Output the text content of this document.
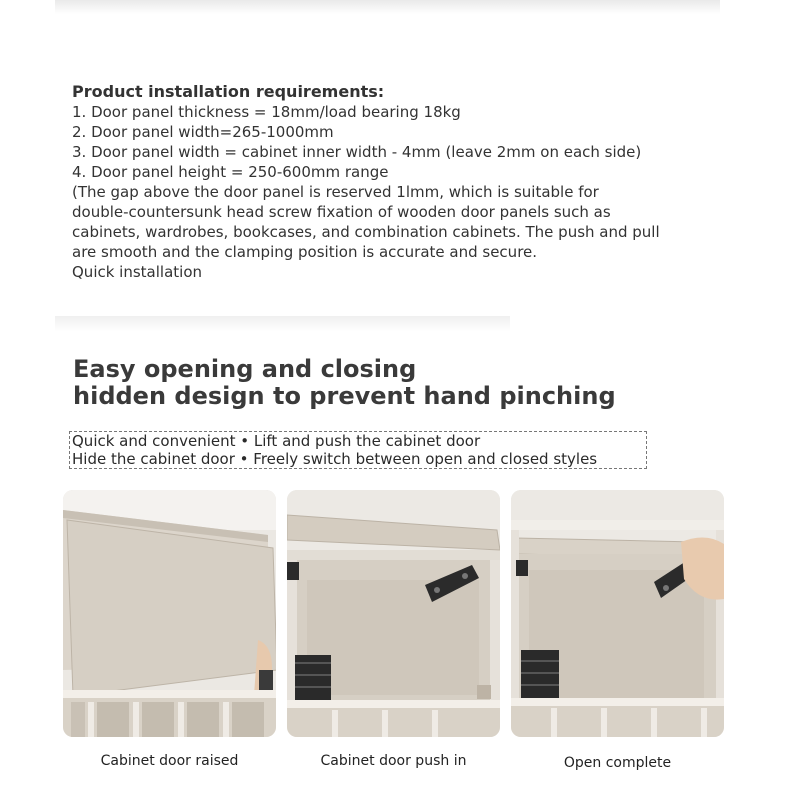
Product installation requirements:
1. Door panel thickness = 18mm/load bearing 18kg
2. Door panel width=265-1000mm
3. Door panel width = cabinet inner width - 4mm (leave 2mm on each side)
4. Door panel height = 250-600mm range
(The gap above the door panel is reserved 1lmm, which is suitable for
double-countersunk head screw fixation of wooden door panels such as
cabinets, wardrobes, bookcases, and combination cabinets. The push and pull
are smooth and the clamping position is accurate and secure.
Quick installation
Easy opening and closing
hidden design to prevent hand pinching
Quick and convenient • Lift and push the cabinet door
Hide the cabinet door • Freely switch between open and closed styles
Cabinet door raised	Cabinet door push in	Open complete
